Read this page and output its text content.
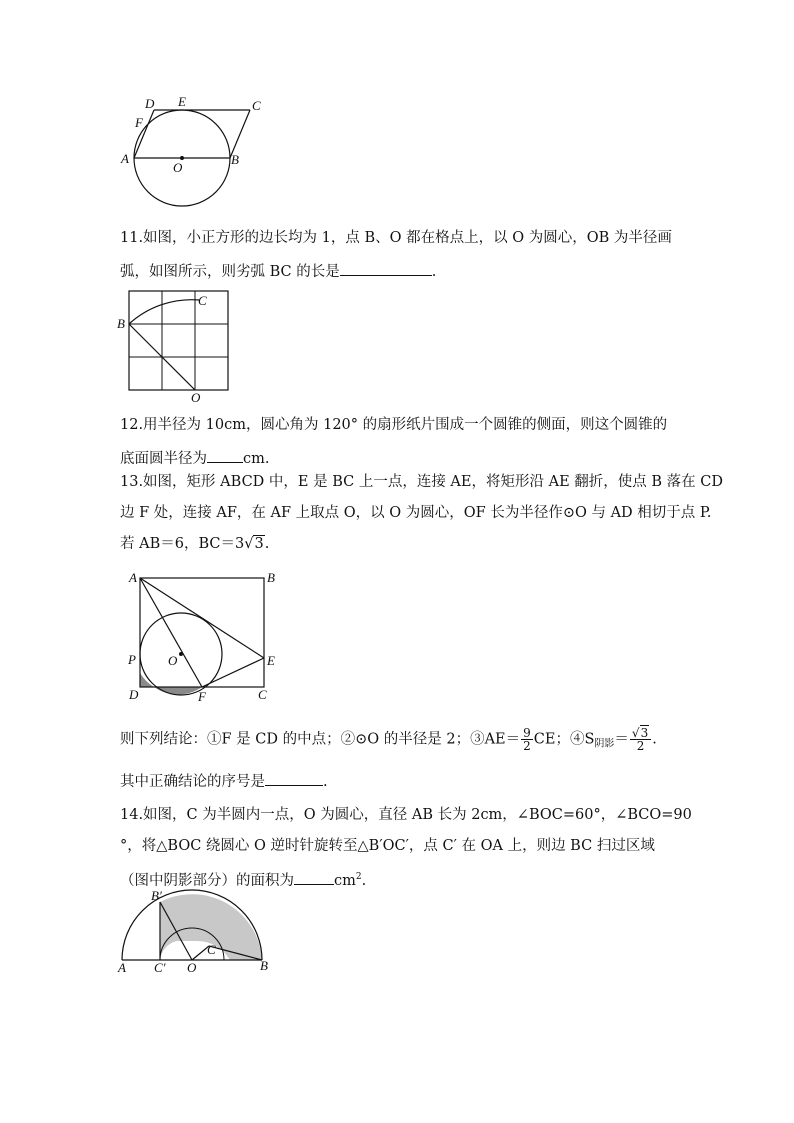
D E	C
F
A	B
O
11.如图，小正方形的边长均为 1，点 B、O 都在格点上，以 O 为圆心，OB 为半径画
弧，如图所示，则劣弧 BC 的长是	.
B
C
O
12.用半径为 10cm，圆心角为 120° 的扇形纸片围成一个圆锥的侧面，则这个圆锥的
底面圆半径为 cm.
13.如图，矩形 ABCD 中，E 是 BC 上一点，连接 AE，将矩形沿 AE 翻折，使点 B 落在 CD
边 F 处，连接 AF，在 AF 上取点 O，以 O 为圆心，OF 长为半径作⊙O 与 AD 相切于点 P.
若 AB＝6，BC＝3√3.
A	B
P O	E
D	F	C
则下列结论：①F 是 CD 的中点；②⊙O 的半径是 2；③AE＝ $\frac{9}{2}$ CE；$④S_{阴影}= \frac{√3}{2}$ .
其中正确结论的序号是	.
14.如图，C 为半圆内一点，O 为圆心，直径 AB 长为 2cm，∠BOC=60°，∠BCO=90
°，将△BOC 绕圆心 O 逆时针旋转至△B′OC′，点 C′ 在 OA 上，则边 BC 扫过区域
（图中阴影部分）的面积为	$cm^2$.
B′
A C′ O
C
B
